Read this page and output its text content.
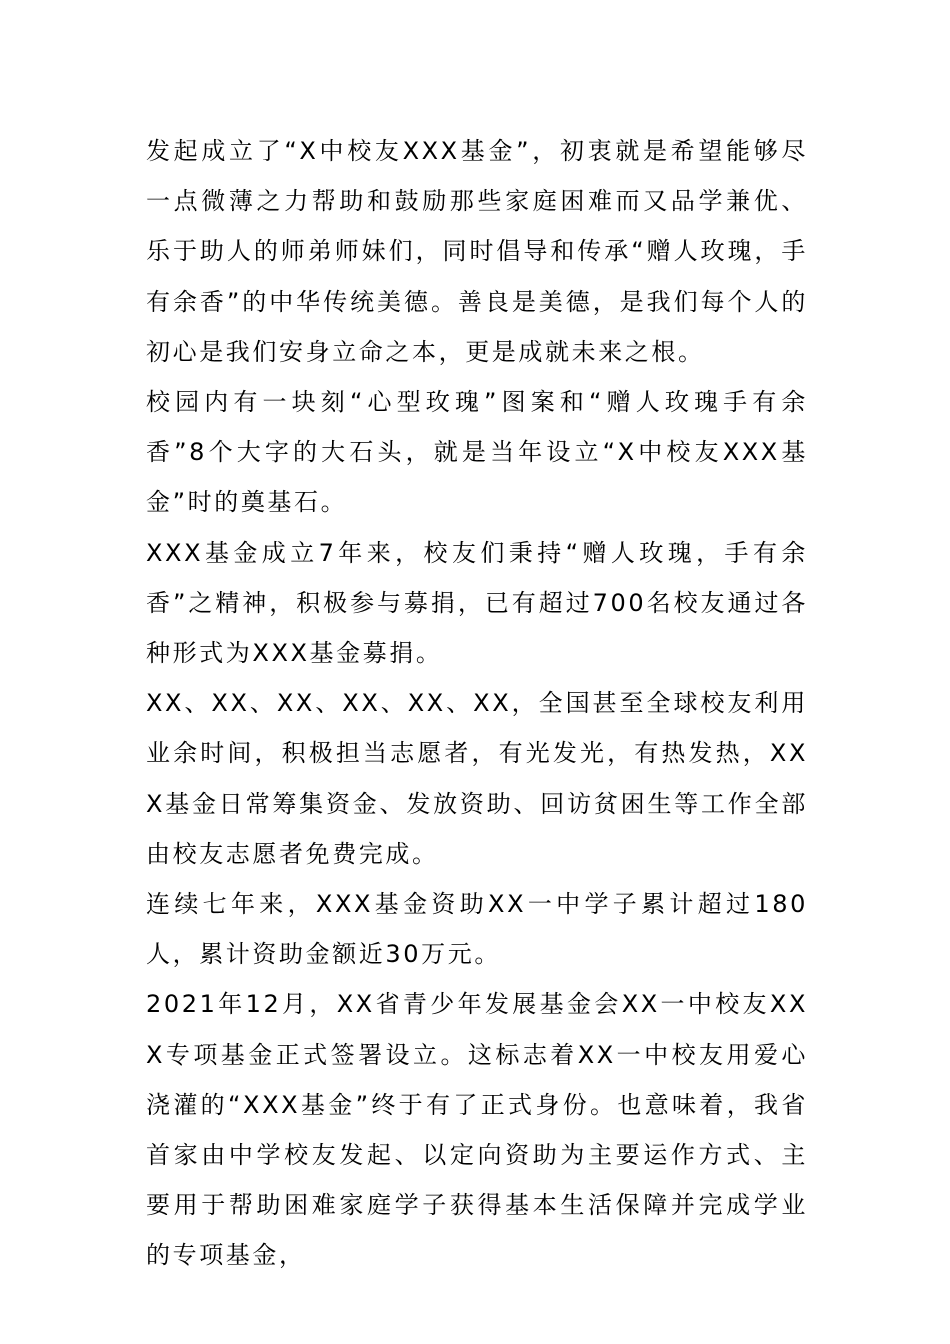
发起成立了“X中校友XXX基金”，初衷就是希望能够尽一点微薄之力帮助和鼓励那些家庭困难而又品学兼优、乐于助人的师弟师妹们，同时倡导和传承“赠人玫瑰，手有余香”的中华传统美德。善良是美德，是我们每个人的初心是我们安身立命之本，更是成就未来之根。

校园内有一块刻“心型玫瑰”图案和“赠人玫瑰手有余香”8个大字的大石头，就是当年设立“X中校友XXX基金”时的奠基石。

XXX基金成立7年来，校友们秉持“赠人玫瑰，手有余香”之精神，积极参与募捐，已有超过700名校友通过各种形式为XXX基金募捐。

XX、XX、XX、XX、XX、XX，全国甚至全球校友利用业余时间，积极担当志愿者，有光发光，有热发热，XXX基金日常筹集资金、发放资助、回访贫困生等工作全部由校友志愿者免费完成。

连续七年来，XXX基金资助XX一中学子累计超过180人，累计资助金额近30万元。

2021年12月，XX省青少年发展基金会XX一中校友XXX专项基金正式签署设立。这标志着XX一中校友用爱心浇灌的“XXX基金”终于有了正式身份。也意味着，我省首家由中学校友发起、以定向资助为主要运作方式、主要用于帮助困难家庭学子获得基本生活保障并完成学业的专项基金，
